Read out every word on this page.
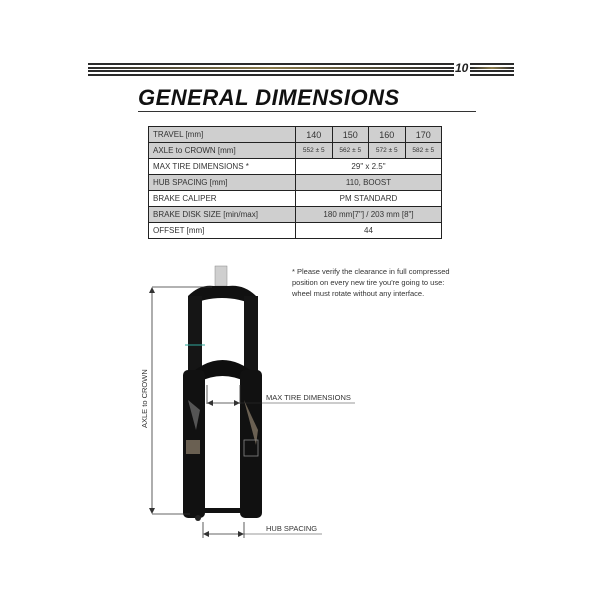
10
GENERAL DIMENSIONS
TRAVEL [mm]	140	150	160	170
AXLE to CROWN [mm]	552 ± 5	562 ± 5	572 ± 5	582 ± 5
MAX TIRE DIMENSIONS *	29" x 2.5"			
HUB SPACING [mm]	110, BOOST			
BRAKE CALIPER	PM STANDARD			
BRAKE DISK SIZE [min/max]	180 mm[7"] / 203 mm [8"]			
OFFSET [mm]	44			
* Please verify the clearance in full compressed position on every new tire you're going to use: wheel must rotate without any interface.
AXLE to CROWN	MAX TIRE DIMENSIONS
HUB SPACING
